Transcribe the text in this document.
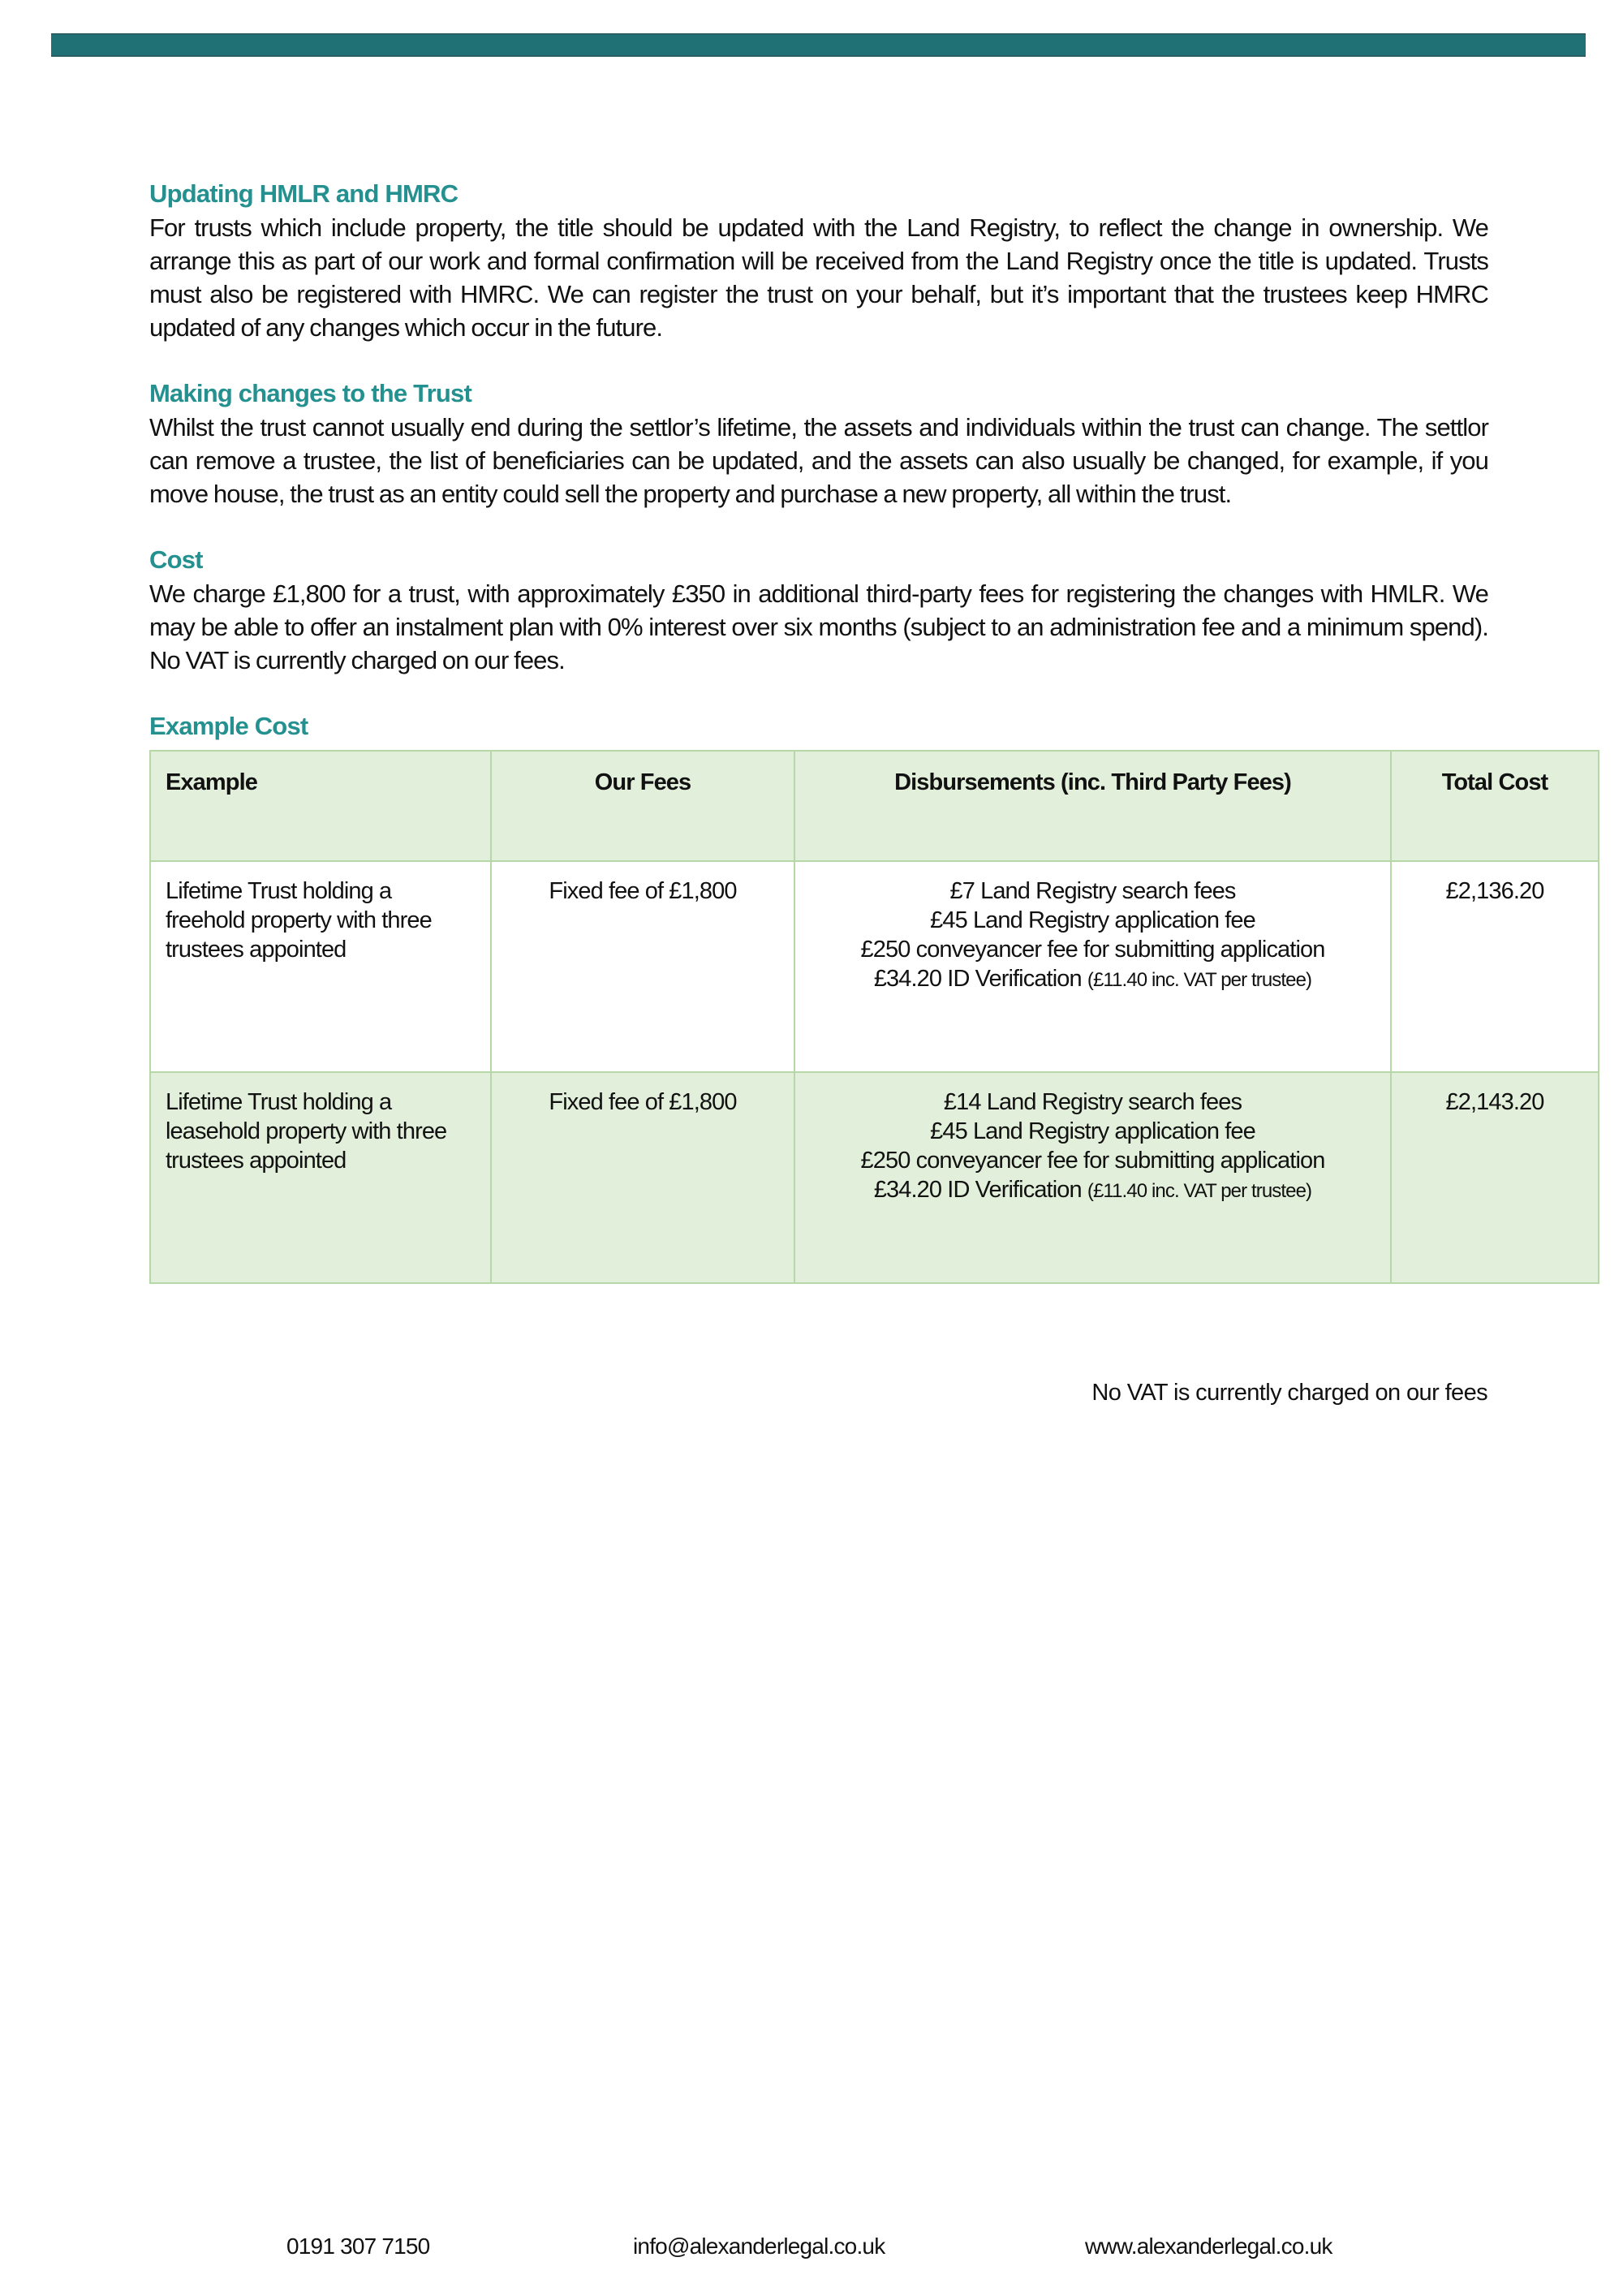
Updating HMLR and HMRC

For trusts which include property, the title should be updated with the Land Registry, to reflect the change in ownership. We arrange this as part of our work and formal confirmation will be received from the Land Registry once the title is updated. Trusts must also be registered with HMRC. We can register the trust on your behalf, but it’s important that the trustees keep HMRC updated of any changes which occur in the future.

Making changes to the Trust

Whilst the trust cannot usually end during the settlor’s lifetime, the assets and individuals within the trust can change. The settlor can remove a trustee, the list of beneficiaries can be updated, and the assets can also usually be changed, for example, if you move house, the trust as an entity could sell the property and purchase a new property, all within the trust.

Cost

We charge £1,800 for a trust, with approximately £350 in additional third-party fees for registering the changes with HMLR. We may be able to offer an instalment plan with 0% interest over six months (subject to an administration fee and a minimum spend). No VAT is currently charged on our fees.

Example Cost
Example	Our Fees	Disbursements (inc. Third Party Fees)	Total Cost
Lifetime Trust holding a freehold property with three trustees appointed	Fixed fee of £1,800	£7 Land Registry search fees
£45 Land Registry application fee
£250 conveyancer fee for submitting application
£34.20 ID Verification (£11.40 inc. VAT per trustee)	£2,136.20
Lifetime Trust holding a leasehold property with three trustees appointed	Fixed fee of £1,800	£14 Land Registry search fees
£45 Land Registry application fee
£250 conveyancer fee for submitting application
£34.20 ID Verification (£11.40 inc. VAT per trustee)	£2,143.20
No VAT is currently charged on our fees
0191 307 7150	info@alexanderlegal.co.uk	www.alexanderlegal.co.uk
